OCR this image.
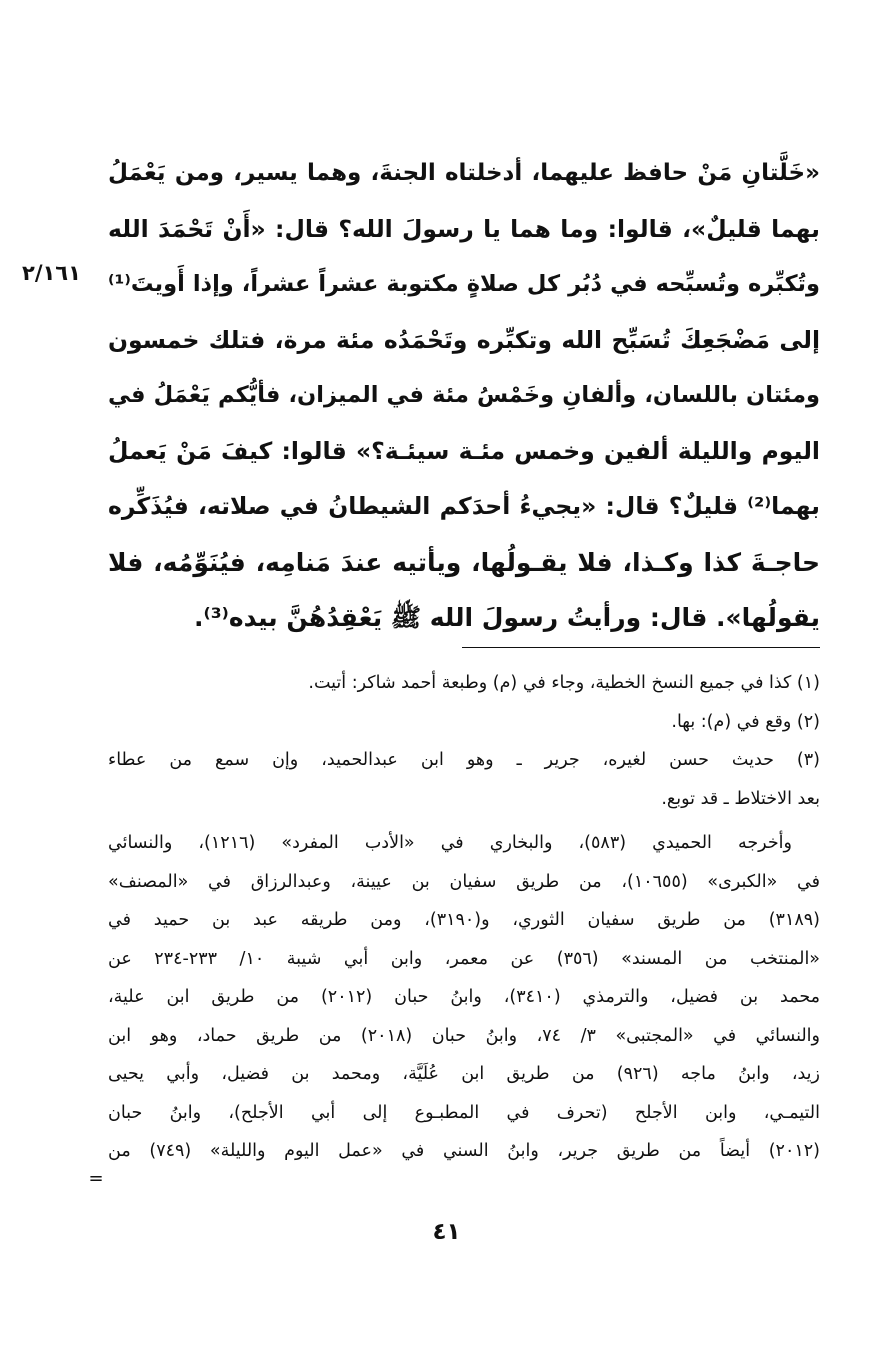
«خَلَّتانِ مَنْ حافظ عليهما، أدخلتاه الجنةَ، وهما يسير، ومن يَعْمَلُ
بهما قليلٌ»، قالوا: وما هما يا رسولَ الله؟ قال: «أَنْ تَحْمَدَ الله
وتُكبِّره وتُسبِّحه في دُبُر كل صلاةٍ مكتوبة عشراً عشراً، وإذا أَويتَ⁽¹⁾
إلى مَضْجَعِكَ تُسَبِّح الله وتكبِّره وتَحْمَدُه مئة مرة، فتلك خمسون
ومئتان باللسان، وألفانِ وخَمْسُ مئة في الميزان، فأيُّكم يَعْمَلُ في
اليوم والليلة ألفين وخمس مئـة سيئـة؟» قالوا: كيفَ مَنْ يَعملُ
بهما⁽²⁾ قليلٌ؟ قال: «يجيءُ أحدَكم الشيطانُ في صلاته، فيُذَكِّره
حاجـةَ كذا وكـذا، فلا يقـولُها، ويأتيه عندَ مَنامِه، فيُنَوِّمُه، فلا
يقولُها». قال: ورأيتُ رسولَ الله ﷺ يَعْقِدُهُنَّ بيده⁽³⁾.
٢/١٦١
(١) كذا في جميع النسخ الخطية، وجاء في (م) وطبعة أحمد شاكر: أتيت.
(٢) وقع في (م): بها.
(٣) حديث حسن لغيره، جرير ـ وهو ابن عبدالحميد، وإن سمع من عطاء
بعد الاختلاط ـ قد توبع.
وأخرجه الحميدي (٥٨٣)، والبخاري في «الأدب المفرد» (١٢١٦)، والنسائي
في «الكبرى» (١٠٦٥٥)، من طريق سفيان بن عيينة، وعبدالرزاق في «المصنف»
(٣١٨٩) من طريق سفيان الثوري، و(٣١٩٠)، ومن طريقه عبد بن حميد في
«المنتخب من المسند» (٣٥٦) عن معمر، وابن أبي شيبة ١٠/ ٢٣٣-٢٣٤ عن
محمد بن فضيل، والترمذي (٣٤١٠)، وابنُ حبان (٢٠١٢) من طريق ابن علية،
والنسائي في «المجتبى» ٣/ ٧٤، وابنُ حبان (٢٠١٨) من طريق حماد، وهو ابن
زيد، وابنُ ماجه (٩٢٦) من طريق ابن عُلَيَّة، ومحمد بن فضيل، وأبي يحيى
التيمـي، وابن الأجلح (تحرف في المطبـوع إلى أبي الأجلح)، وابنُ حبان
(٢٠١٢) أيضاً من طريق جرير، وابنُ السني في «عمل اليوم والليلة» (٧٤٩) من
=
٤١
